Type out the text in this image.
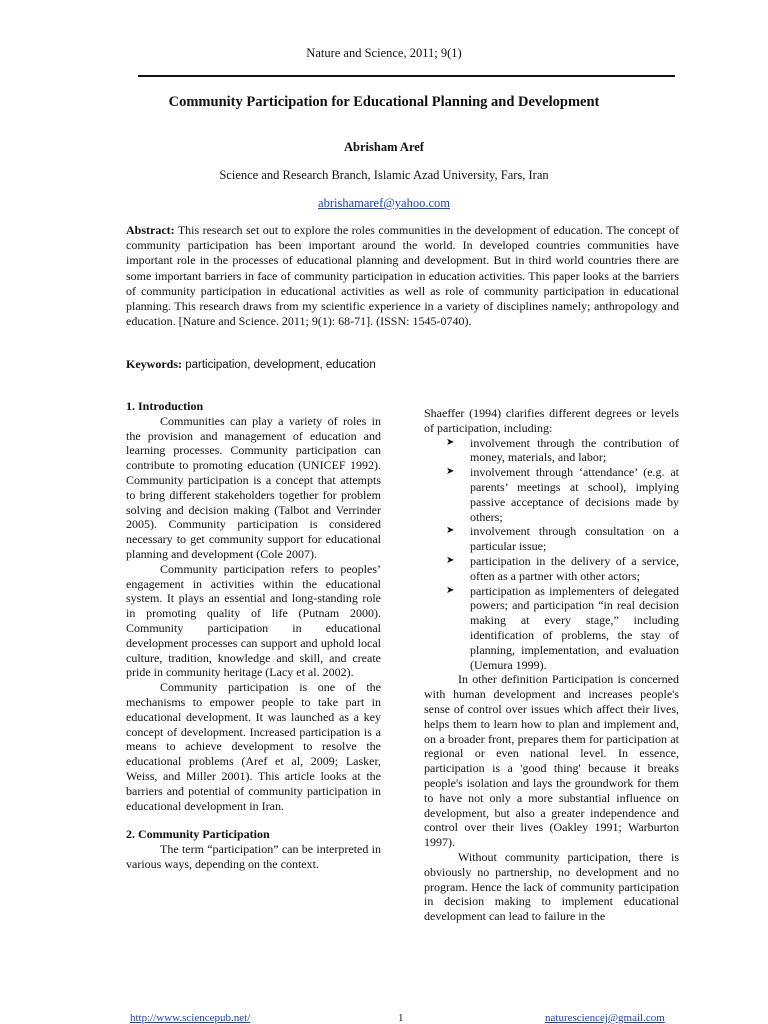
Nature and Science, 2011; 9(1)
Community Participation for Educational Planning and Development
Abrisham Aref
Science and Research Branch, Islamic Azad University, Fars, Iran
abrishamaref@yahoo.com

Abstract: This research set out to explore the roles communities in the development of education. The concept of community participation has been important around the world. In developed countries communities have important role in the processes of educational planning and development. But in third world countries there are some important barriers in face of community participation in education activities. This paper looks at the barriers of community participation in educational activities as well as role of community participation in educational planning. This research draws from my scientific experience in a variety of disciplines namely; anthropology and education. [Nature and Science. 2011; 9(1): 68-71]. (ISSN: 1545-0740).

Keywords: participation, development, education

1. Introduction

Communities can play a variety of roles in the provision and management of education and learning processes. Community participation can contribute to promoting education (UNICEF 1992). Community participation is a concept that attempts to bring different stakeholders together for problem solving and decision making (Talbot and Verrinder 2005). Community participation is considered necessary to get community support for educational planning and development (Cole 2007).

Community participation refers to peoples’ engagement in activities within the educational system. It plays an essential and long-standing role in promoting quality of life (Putnam 2000). Community participation in educational development processes can support and uphold local culture, tradition, knowledge and skill, and create pride in community heritage (Lacy et al. 2002).

Community participation is one of the mechanisms to empower people to take part in educational development. It was launched as a key concept of development. Increased participation is a means to achieve development to resolve the educational problems (Aref et al, 2009; Lasker, Weiss, and Miller 2001). This article looks at the barriers and potential of community participation in educational development in Iran.

2. Community Participation

The term “participation” can be interpreted in various ways, depending on the context.

Shaeffer (1994) clarifies different degrees or levels of participation, including:

➤ involvement through the contribution of money, materials, and labor;
➤ involvement through ‘attendance’ (e.g. at parents’ meetings at school), implying passive acceptance of decisions made by others;
➤ involvement through consultation on a particular issue;
➤ participation in the delivery of a service, often as a partner with other actors;
➤ participation as implementers of delegated powers; and participation “in real decision making at every stage,” including identification of problems, the stay of planning, implementation, and evaluation (Uemura 1999).

In other definition Participation is concerned with human development and increases people's sense of control over issues which affect their lives, helps them to learn how to plan and implement and, on a broader front, prepares them for participation at regional or even national level. In essence, participation is a 'good thing' because it breaks people's isolation and lays the groundwork for them to have not only a more substantial influence on development, but also a greater independence and control over their lives (Oakley 1991; Warburton 1997).

Without community participation, there is obviously no partnership, no development and no program. Hence the lack of community participation in decision making to implement educational development can lead to failure in the

http://www.sciencepub.net/	1	naturesciencej@gmail.com
